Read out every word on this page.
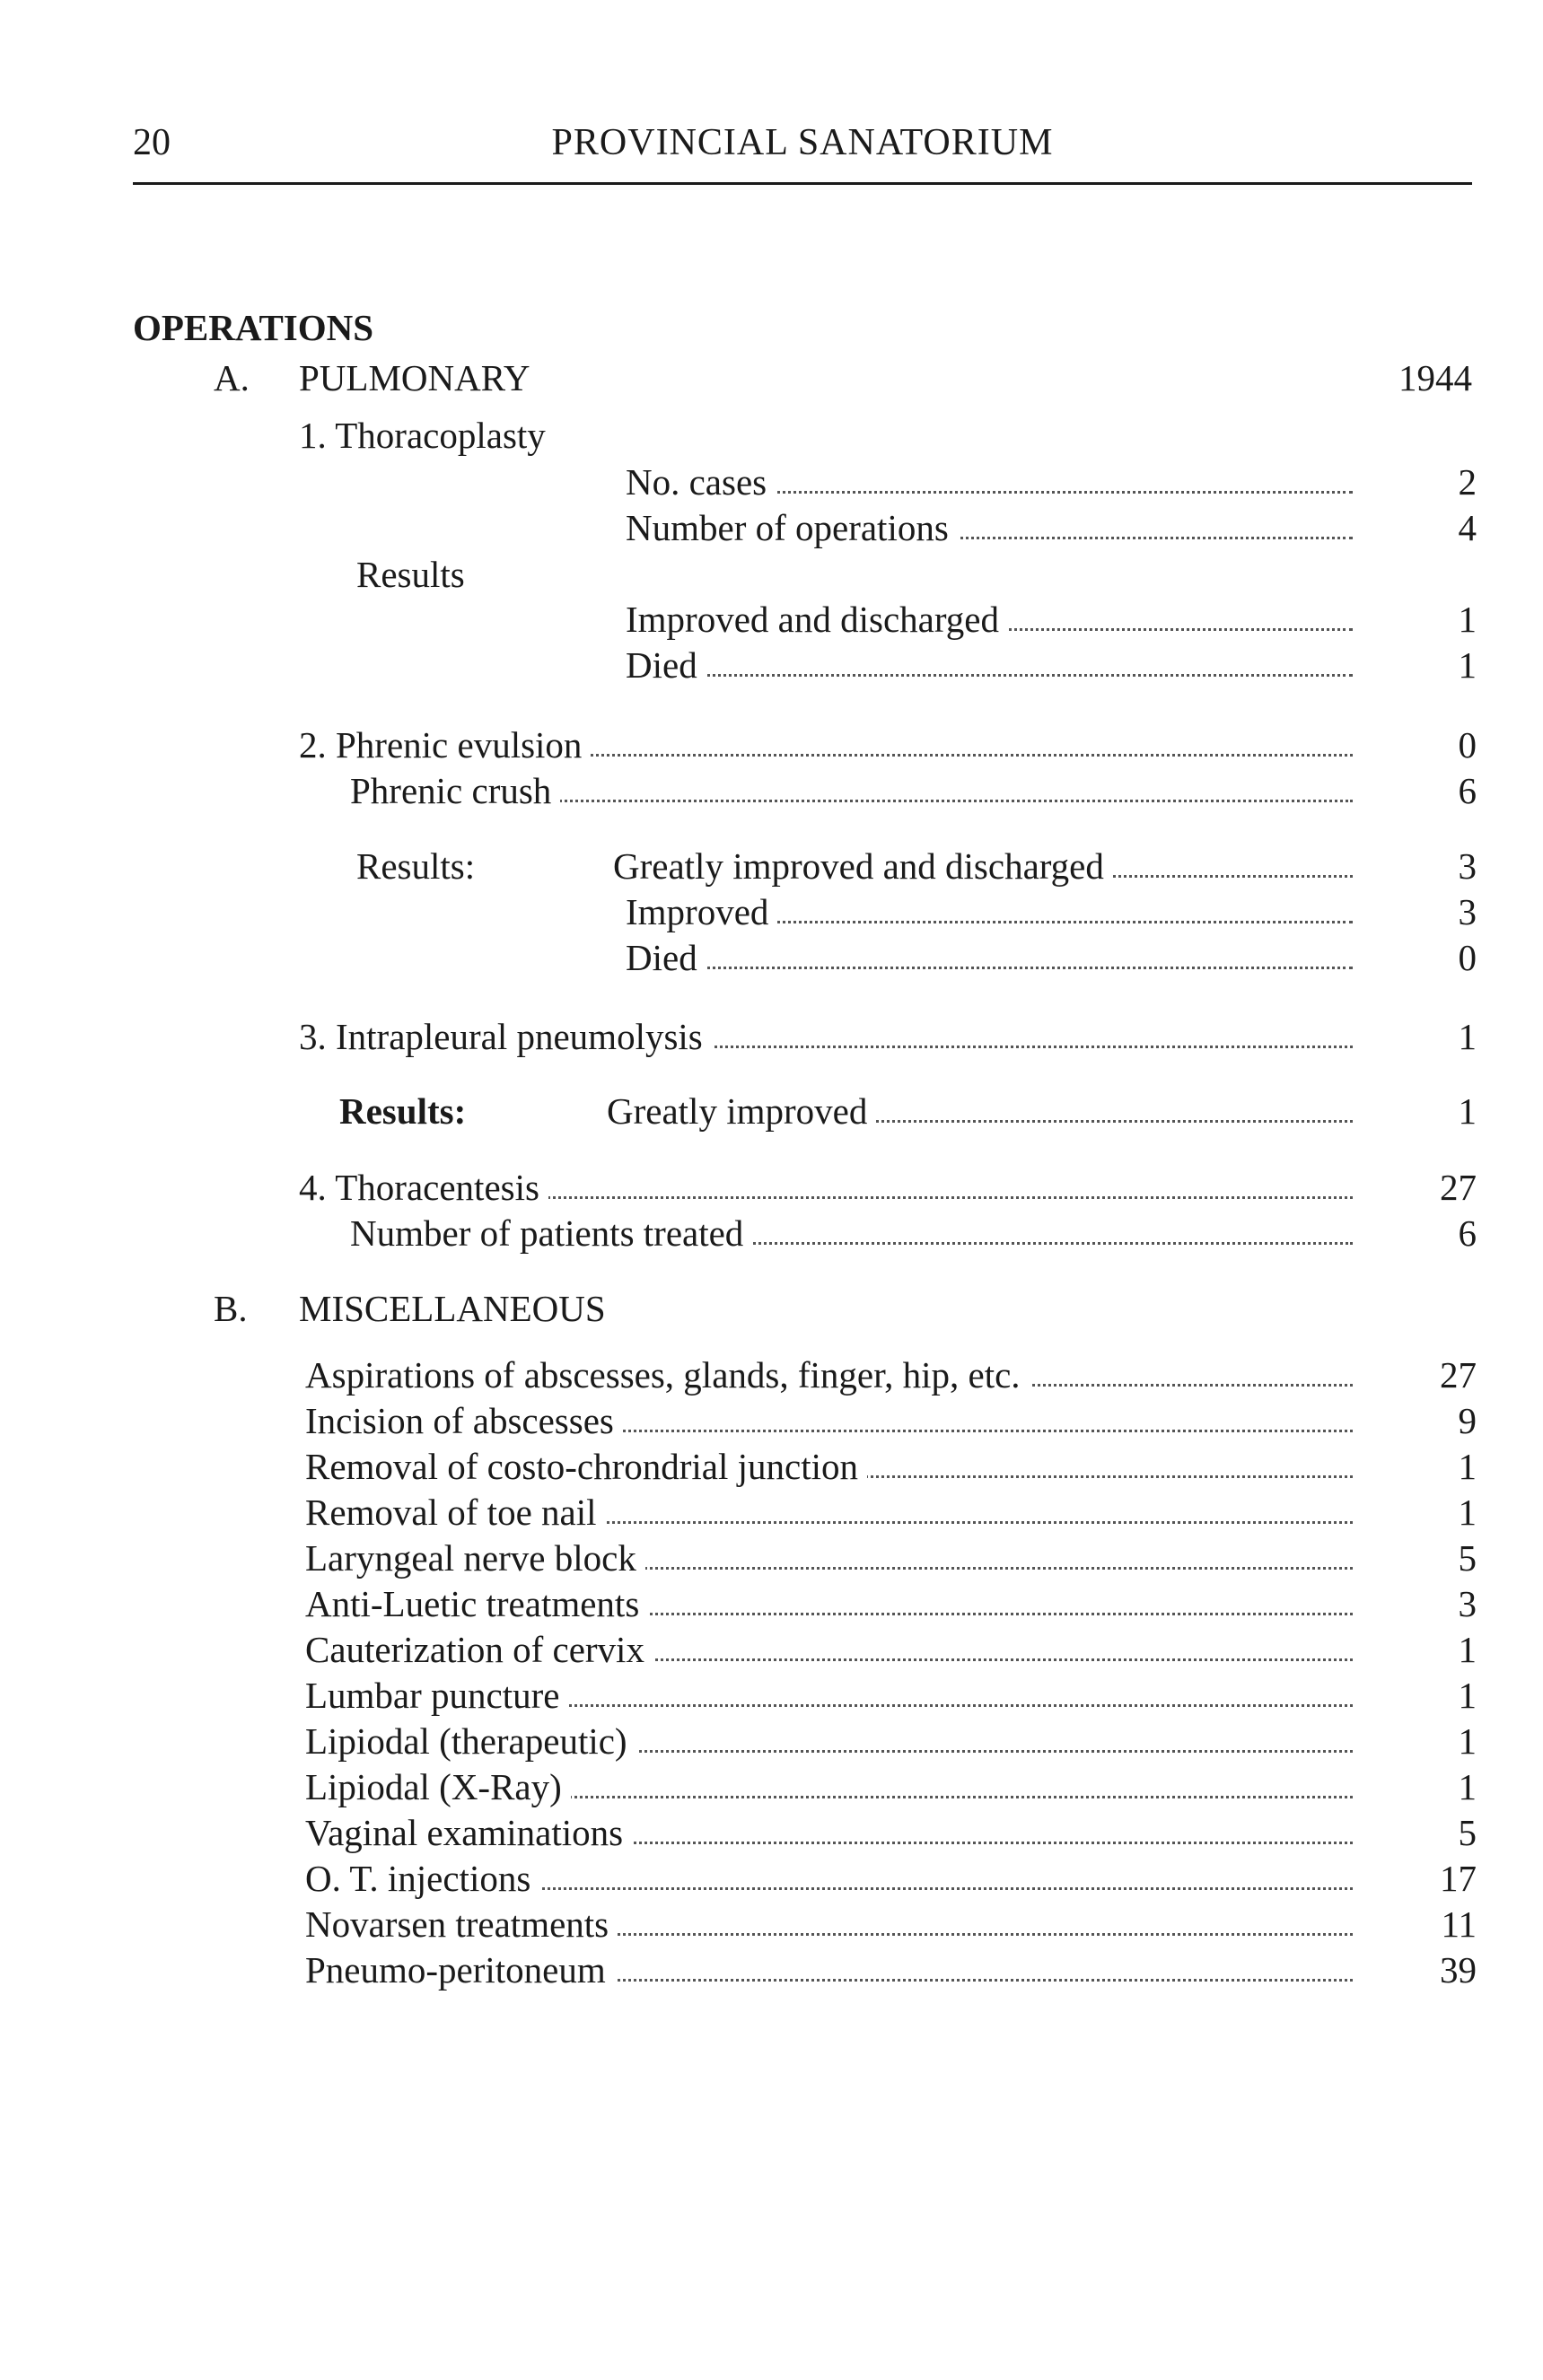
20	PROVINCIAL SANATORIUM
OPERATIONS
A. PULMONARY	1944
1. Thoracoplasty
No. cases	2
Number of operations	4
Results
Improved and discharged	1
Died	1
2. Phrenic evulsion	0
Phrenic crush	6
Results:	Greatly improved and discharged	3
Improved	3
Died	0
3. Intrapleural pneumolysis	1
Results:	Greatly improved	1
4. Thoracentesis	27
Number of patients treated	6
B. MISCELLANEOUS
Aspirations of abscesses, glands, finger, hip, etc.	27
Incision of abscesses	9
Removal of costo-chrondrial junction	1
Removal of toe nail	1
Laryngeal nerve block	5
Anti-Luetic treatments	3
Cauterization of cervix	1
Lumbar puncture	1
Lipiodal (therapeutic)	1
Lipiodal (X-Ray)	1
Vaginal examinations	5
O. T. injections	17
Novarsen treatments	11
Pneumo-peritoneum	39
